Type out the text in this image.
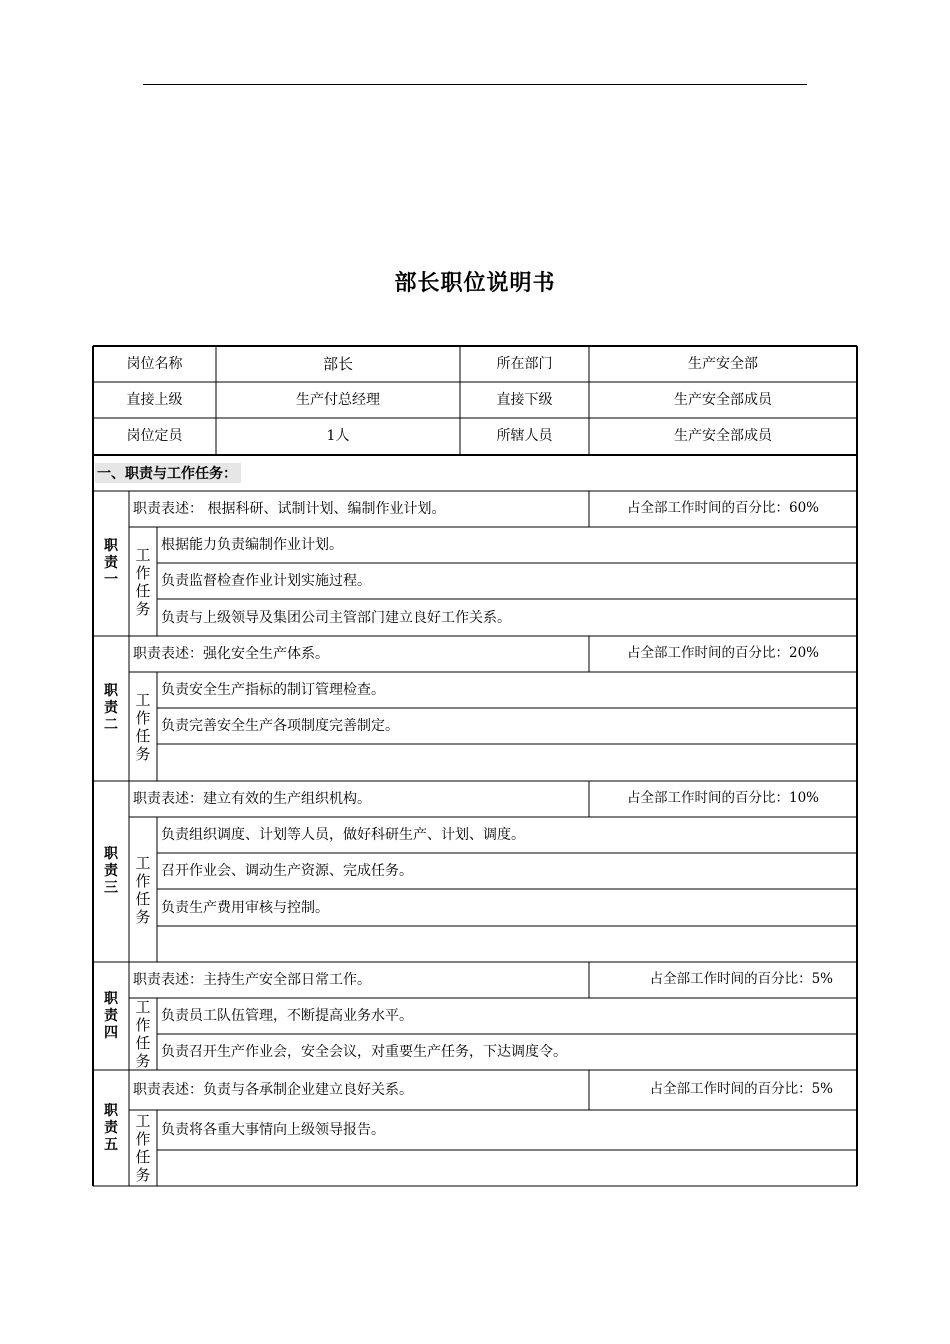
部长职位说明书
岗位名称	部长	所在部门	生产安全部
直接上级	生产付总经理	直接下级	生产安全部成员
岗位定员	1人	所辖人员	生产安全部成员
一、职责与工作任务：
职责一
职责表述： 根据科研、试制计划、编制作业计划。	占全部工作时间的百分比：60%
工作任务
根据能力负责编制作业计划。
负责监督检查作业计划实施过程。
负责与上级领导及集团公司主管部门建立良好工作关系。
职责二
职责表述：强化安全生产体系。	占全部工作时间的百分比：20%
工作任务
负责安全生产指标的制订管理检查。
负责完善安全生产各项制度完善制定。
职责三
职责表述：建立有效的生产组织机构。	占全部工作时间的百分比：10%
工作任务
负责组织调度、计划等人员，做好科研生产、计划、调度。
召开作业会、调动生产资源、完成任务。
负责生产费用审核与控制。
职责四
职责表述：主持生产安全部日常工作。	占全部工作时间的百分比：5%
工作任务
负责员工队伍管理，不断提高业务水平。
负责召开生产作业会，安全会议，对重要生产任务，下达调度令。
职责五
职责表述：负责与各承制企业建立良好关系。	占全部工作时间的百分比：5%
工作任务
负责将各重大事情向上级领导报告。
